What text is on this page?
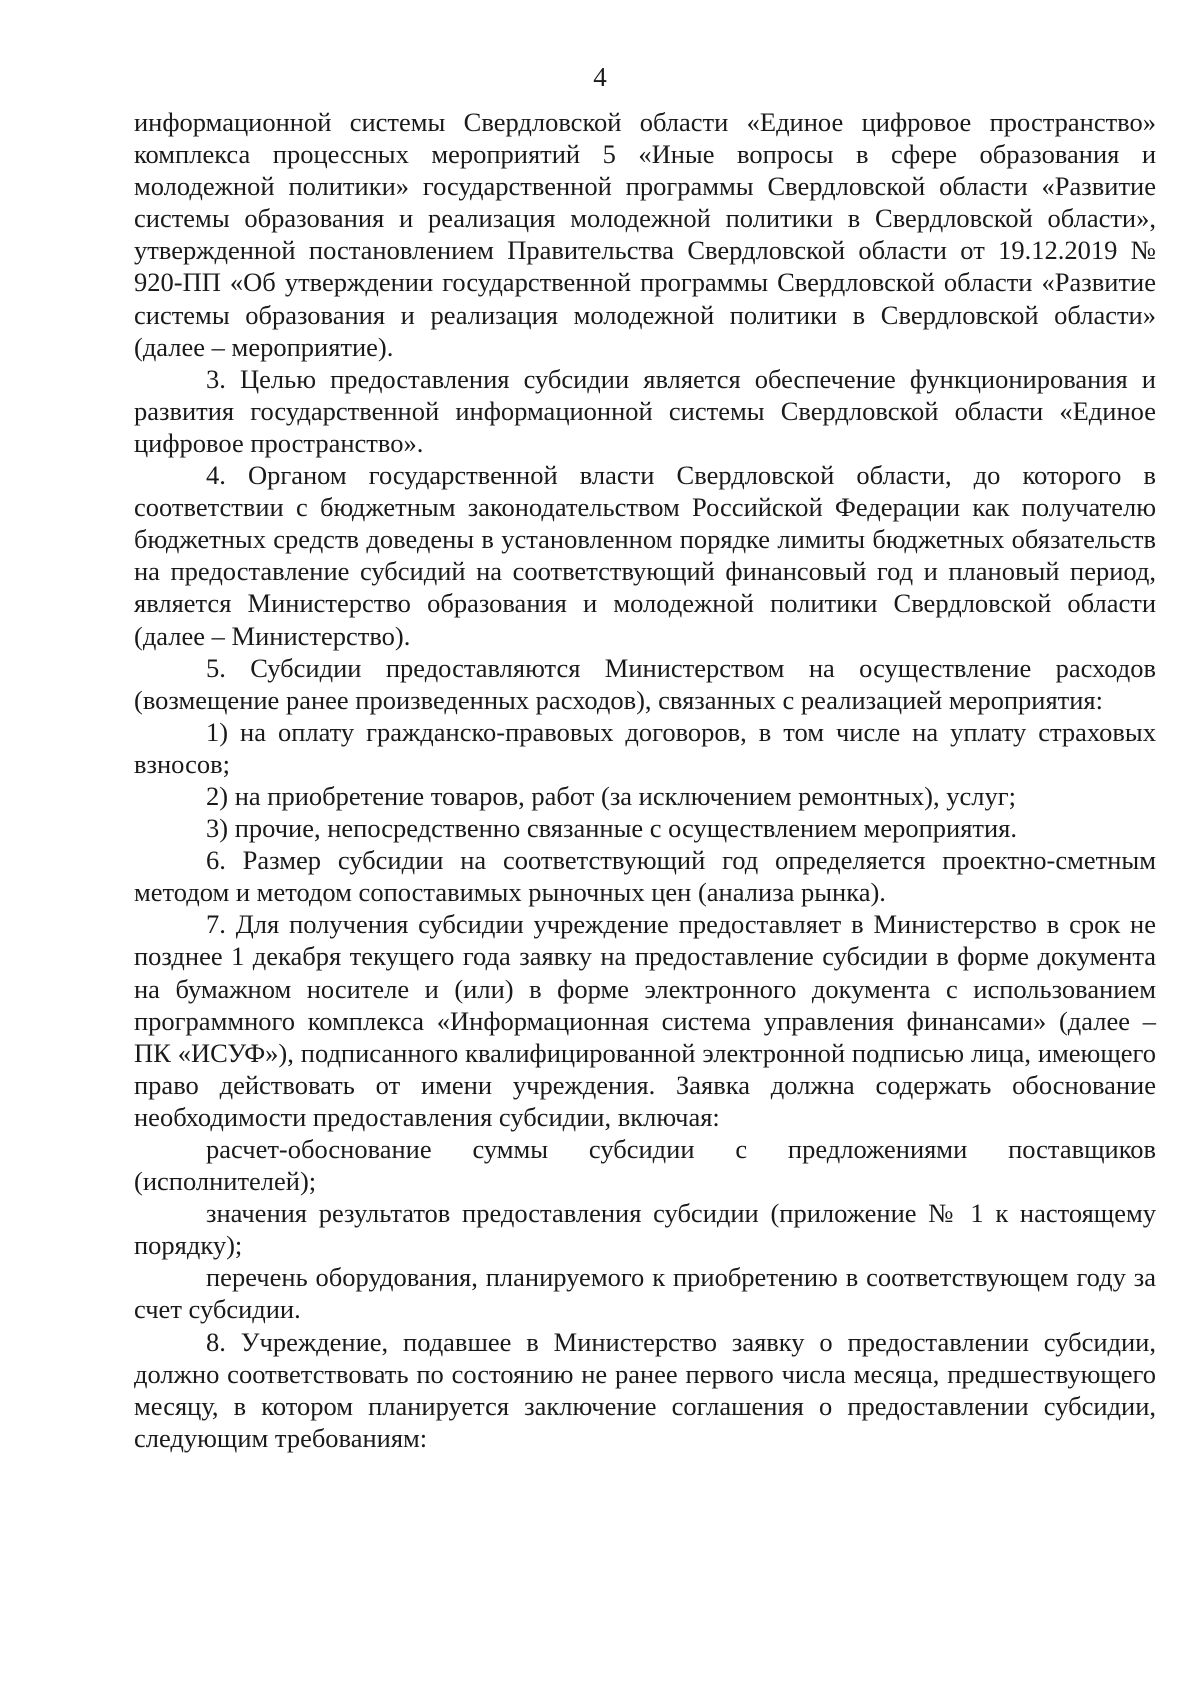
4

информационной системы Свердловской области «Единое цифровое пространство» комплекса процессных мероприятий 5 «Иные вопросы в сфере образования и молодежной политики» государственной программы Свердловской области «Развитие системы образования и реализация молодежной политики в Свердловской области», утвержденной постановлением Правительства Свердловской области от 19.12.2019 № 920-ПП «Об утверждении государственной программы Свердловской области «Развитие системы образования и реализация молодежной политики в Свердловской области» (далее – мероприятие).

3. Целью предоставления субсидии является обеспечение функционирования и развития государственной информационной системы Свердловской области «Единое цифровое пространство».

4. Органом государственной власти Свердловской области, до которого в соответствии с бюджетным законодательством Российской Федерации как получателю бюджетных средств доведены в установленном порядке лимиты бюджетных обязательств на предоставление субсидий на соответствующий финансовый год и плановый период, является Министерство образования и молодежной политики Свердловской области (далее – Министерство).

5. Субсидии предоставляются Министерством на осуществление расходов (возмещение ранее произведенных расходов), связанных с реализацией мероприятия:

1) на оплату гражданско-правовых договоров, в том числе на уплату страховых взносов;

2) на приобретение товаров, работ (за исключением ремонтных), услуг;

3) прочие, непосредственно связанные с осуществлением мероприятия.

6. Размер субсидии на соответствующий год определяется проектно-сметным методом и методом сопоставимых рыночных цен (анализа рынка).

7. Для получения субсидии учреждение предоставляет в Министерство в срок не позднее 1 декабря текущего года заявку на предоставление субсидии в форме документа на бумажном носителе и (или) в форме электронного документа с использованием программного комплекса «Информационная система управления финансами» (далее – ПК «ИСУФ»), подписанного квалифицированной электронной подписью лица, имеющего право действовать от имени учреждения. Заявка должна содержать обоснование необходимости предоставления субсидии, включая:

расчет-обоснование суммы субсидии с предложениями поставщиков (исполнителей);

значения результатов предоставления субсидии (приложение № 1 к настоящему порядку);

перечень оборудования, планируемого к приобретению в соответствующем году за счет субсидии.

8. Учреждение, подавшее в Министерство заявку о предоставлении субсидии, должно соответствовать по состоянию не ранее первого числа месяца, предшествующего месяцу, в котором планируется заключение соглашения о предоставлении субсидии, следующим требованиям:
